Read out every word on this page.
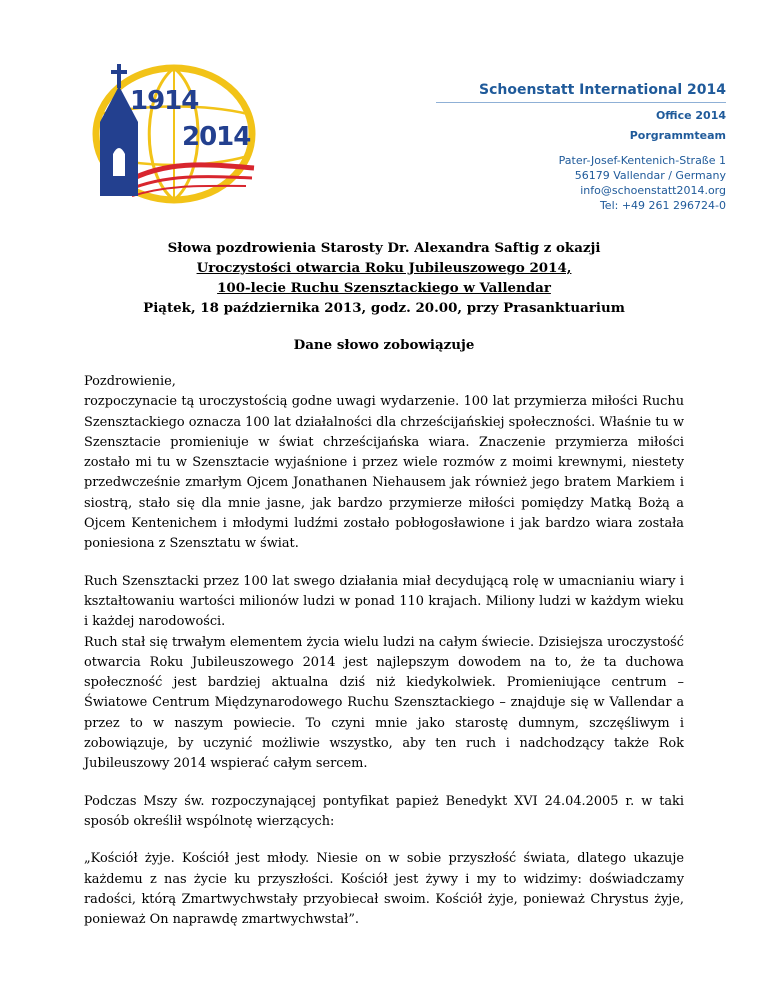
1914
2014
Schoenstatt International 2014
Office 2014
Porgrammteam
Pater-Josef-Kentenich-Straße 1
56179 Vallendar / Germany
info@schoenstatt2014.org
Tel: +49 261 296724-0
Słowa pozdrowienia Starosty Dr. Alexandra Saftig z okazji
Uroczystości otwarcia Roku Jubileuszowego 2014,
100-lecie Ruchu Szensztackiego w Vallendar
Piątek, 18 października 2013, godz. 20.00, przy Prasanktuarium
Dane słowo zobowiązuje

Pozdrowienie,

rozpoczynacie tą uroczystością godne uwagi wydarzenie. 100 lat przymierza miłości Ruchu Szensztackiego oznacza 100 lat działalności dla chrześcijańskiej społeczności. Właśnie tu w Szensztacie promieniuje w świat chrześcijańska wiara. Znaczenie przymierza miłości zostało mi tu w Szensztacie wyjaśnione i przez wiele rozmów z moimi krewnymi, niestety przedwcześnie zmarłym Ojcem Jonathanen Niehausem jak również jego bratem Markiem i siostrą, stało się dla mnie jasne, jak bardzo przymierze miłości pomiędzy Matką Bożą a Ojcem Kentenichem i młodymi ludźmi zostało pobłogosławione i jak bardzo wiara została poniesiona z Szensztatu w świat.

Ruch Szensztacki przez 100 lat swego działania miał decydującą rolę w umacnianiu wiary i kształtowaniu wartości milionów ludzi w ponad 110 krajach. Miliony ludzi w każdym wieku i każdej narodowości.

Ruch stał się trwałym elementem życia wielu ludzi na całym świecie. Dzisiejsza uroczystość otwarcia Roku Jubileuszowego 2014 jest najlepszym dowodem na to, że ta duchowa społeczność jest bardziej aktualna dziś niż kiedykolwiek. Promieniujące centrum – Światowe Centrum Międzynarodowego Ruchu Szensztackiego – znajduje się w Vallendar a przez to w naszym powiecie. To czyni mnie jako starostę dumnym, szczęśliwym i zobowiązuje, by uczynić możliwie wszystko, aby ten ruch i nadchodzący także Rok Jubileuszowy 2014 wspierać całym sercem.

Podczas Mszy św. rozpoczynającej pontyfikat papież Benedykt XVI 24.04.2005 r. w taki sposób określił wspólnotę wierzących:

„Kościół żyje. Kościół jest młody. Niesie on w sobie przyszłość świata, dlatego ukazuje każdemu z nas życie ku przyszłości. Kościół jest żywy i my to widzimy: doświadczamy radości, którą Zmartwychwstały przyobiecał swoim. Kościół żyje, ponieważ Chrystus żyje, ponieważ On naprawdę zmartwychwstał”.
